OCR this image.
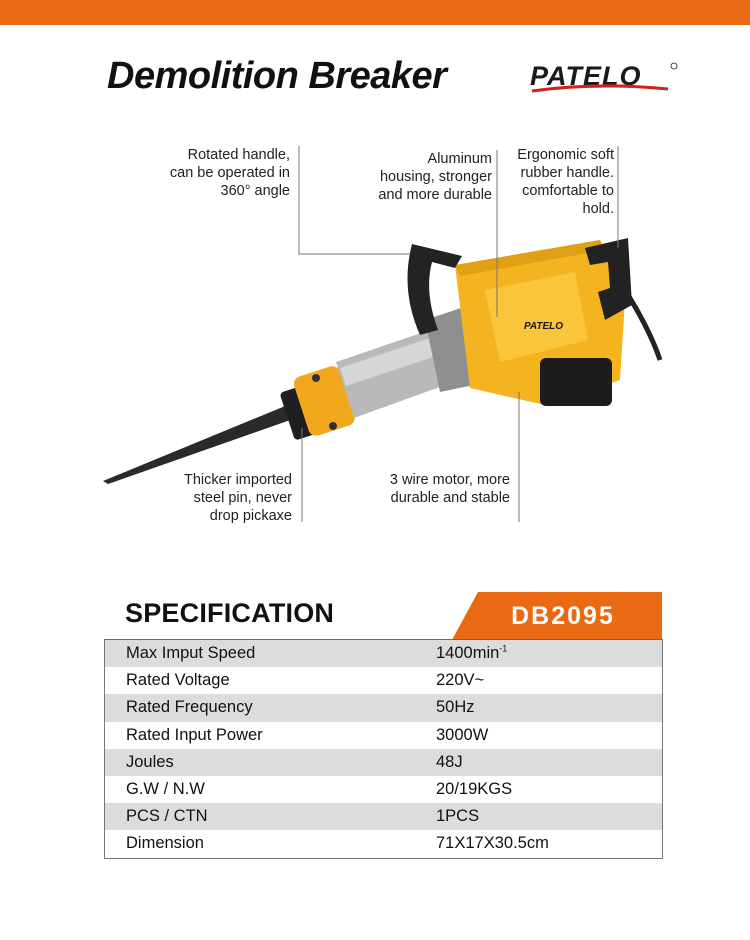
Demolition Breaker	PATELO
PATELO
Rotated handle,
can be operated in
360° angle
Aluminum
housing, stronger
and more durable
Ergonomic soft
rubber handle.
comfortable to
hold.
Thicker imported
steel pin, never
drop pickaxe
3 wire motor, more
durable and stable
SPECIFICATION	DB2095
Max Imput Speed	$1400\min^{-1}$
Rated Voltage	220V~
Rated Frequency	50Hz
Rated Input Power	3000W
Joules	48J
G.W / N.W	20/19KGS
PCS / CTN	1PCS
Dimension	71X17X30.5cm
